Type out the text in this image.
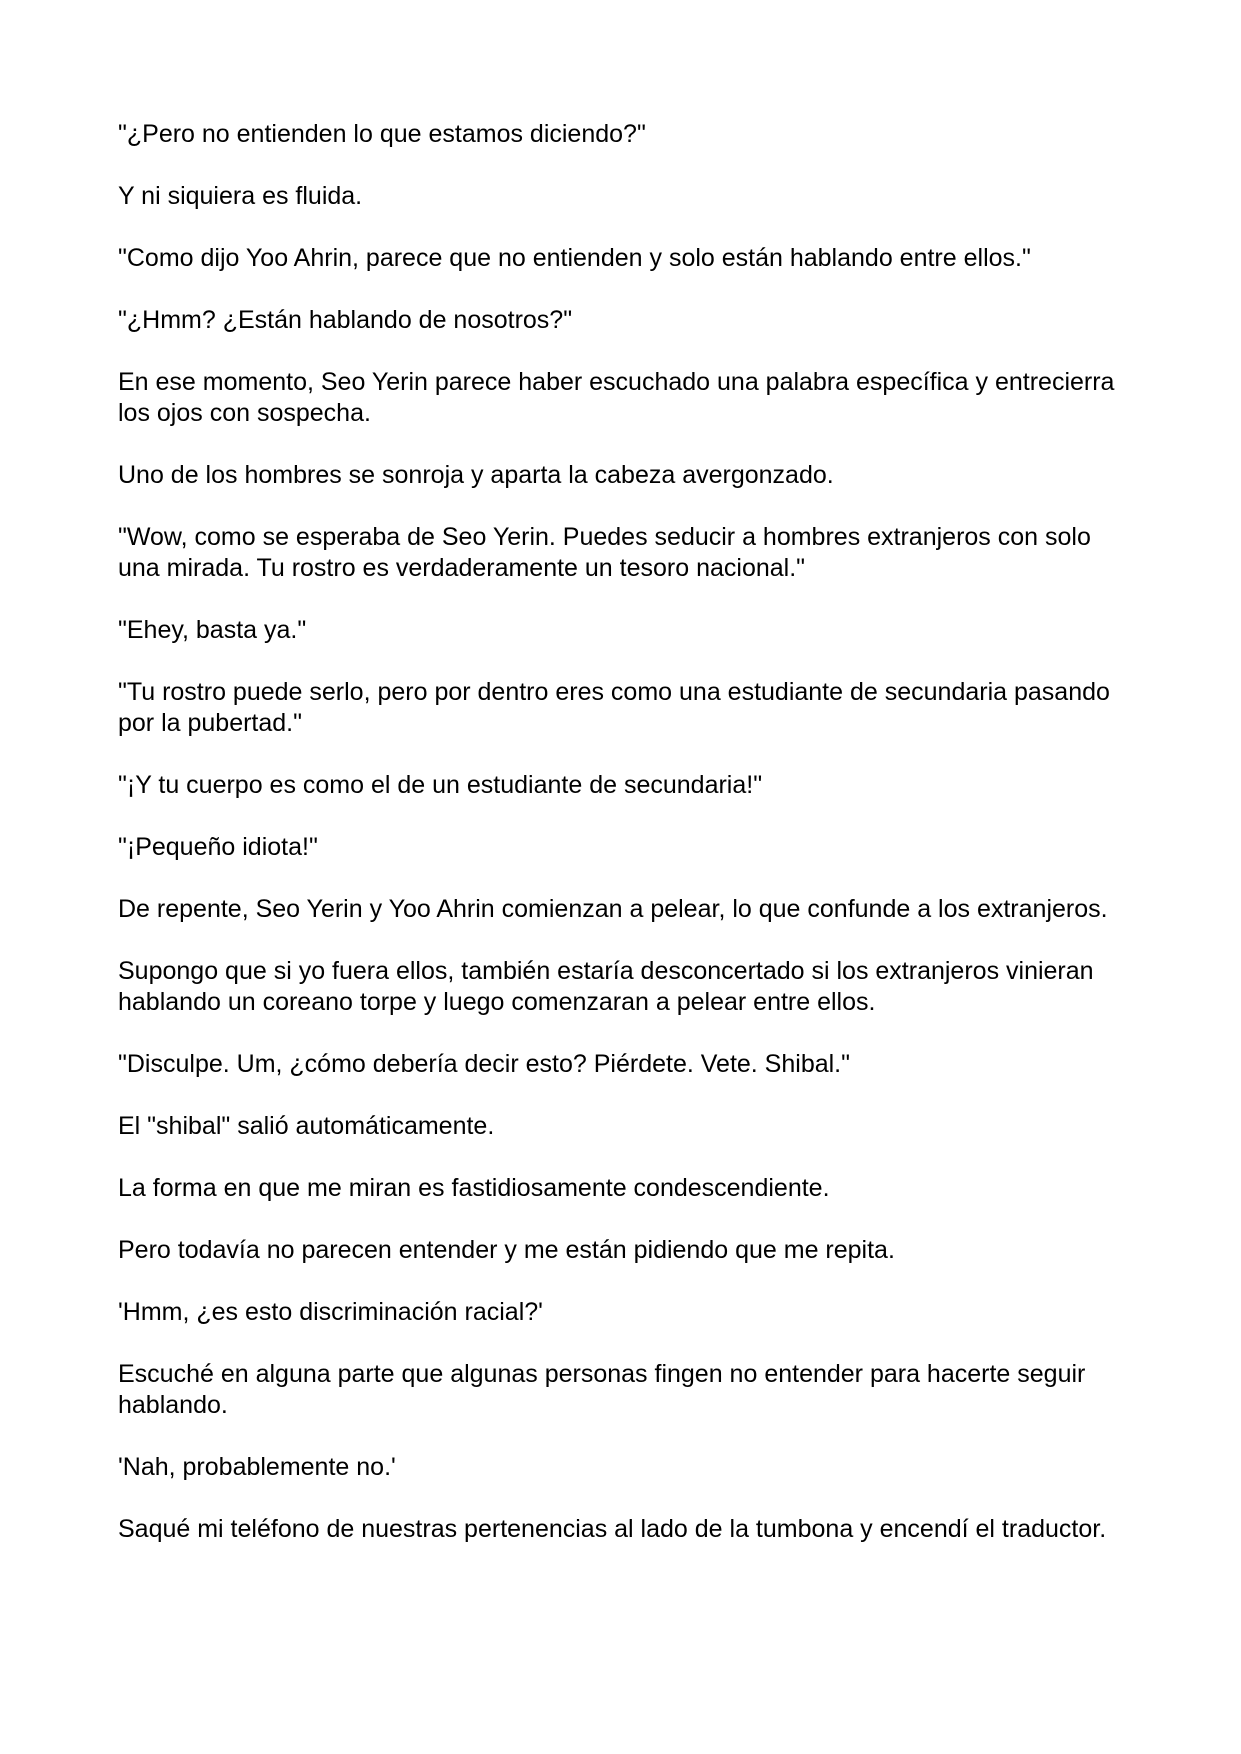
"¿Pero no entienden lo que estamos diciendo?"

Y ni siquiera es fluida.

"Como dijo Yoo Ahrin, parece que no entienden y solo están hablando entre ellos."

"¿Hmm? ¿Están hablando de nosotros?"

En ese momento, Seo Yerin parece haber escuchado una palabra específica y entrecierra los ojos con sospecha.

Uno de los hombres se sonroja y aparta la cabeza avergonzado.

"Wow, como se esperaba de Seo Yerin. Puedes seducir a hombres extranjeros con solo una mirada. Tu rostro es verdaderamente un tesoro nacional."

"Ehey, basta ya."

"Tu rostro puede serlo, pero por dentro eres como una estudiante de secundaria pasando por la pubertad."

"¡Y tu cuerpo es como el de un estudiante de secundaria!"

"¡Pequeño idiota!"

De repente, Seo Yerin y Yoo Ahrin comienzan a pelear, lo que confunde a los extranjeros.

Supongo que si yo fuera ellos, también estaría desconcertado si los extranjeros vinieran hablando un coreano torpe y luego comenzaran a pelear entre ellos.

"Disculpe. Um, ¿cómo debería decir esto? Piérdete. Vete. Shibal."

El "shibal" salió automáticamente.

La forma en que me miran es fastidiosamente condescendiente.

Pero todavía no parecen entender y me están pidiendo que me repita.

'Hmm, ¿es esto discriminación racial?'

Escuché en alguna parte que algunas personas fingen no entender para hacerte seguir hablando.

'Nah, probablemente no.'

Saqué mi teléfono de nuestras pertenencias al lado de la tumbona y encendí el traductor.
